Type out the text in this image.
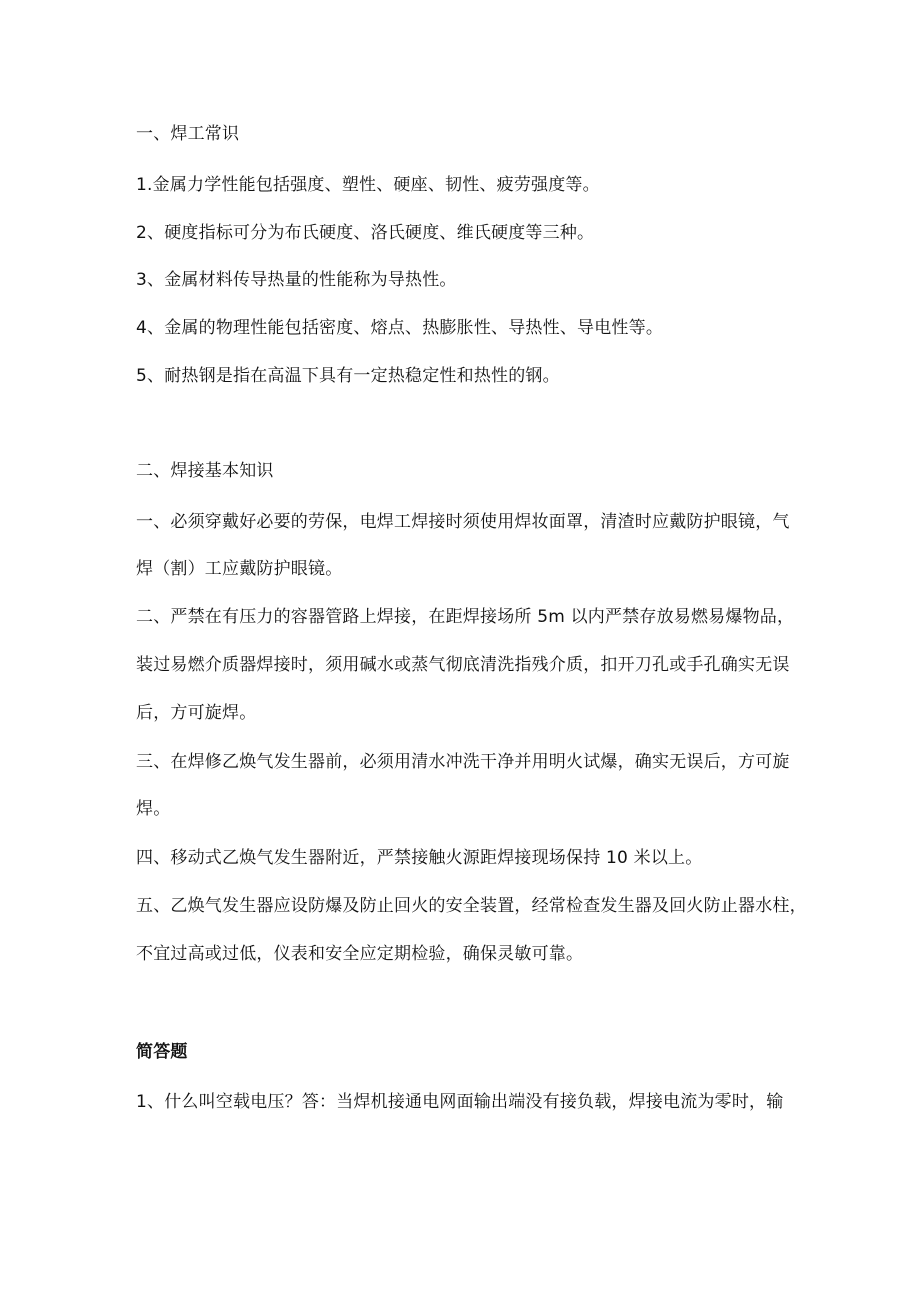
一、焊工常识
1.金属力学性能包括强度、塑性、硬座、韧性、疲劳强度等。
2、硬度指标可分为布氏硬度、洛氏硬度、维氏硬度等三种。
3、金属材料传导热量的性能称为导热性。
4、金属的物理性能包括密度、熔点、热膨胀性、导热性、导电性等。
5、耐热钢是指在高温下具有一定热稳定性和热性的钢。
二、焊接基本知识
一、必须穿戴好必要的劳保，电焊工焊接时须使用焊妆面罩，清渣时应戴防护眼镜，气
焊（割）工应戴防护眼镜。
二、严禁在有压力的容器管路上焊接，在距焊接场所 5m 以内严禁存放易燃易爆物品，
装过易燃介质器焊接时，须用碱水或蒸气彻底清洗指残介质，扣开刀孔或手孔确实无误
后，方可旋焊。
三、在焊修乙焕气发生器前，必须用清水冲洗干净并用明火试爆，确实无误后，方可旋
焊。
四、移动式乙焕气发生器附近，严禁接触火源距焊接现场保持 10 米以上。
五、乙焕气发生器应设防爆及防止回火的安全装置，经常检查发生器及回火防止器水柱，
不宜过高或过低，仪表和安全应定期检验，确保灵敏可靠。
简答题
1、什么叫空载电压？答：当焊机接通电网面输出端没有接负载，焊接电流为零时，输
